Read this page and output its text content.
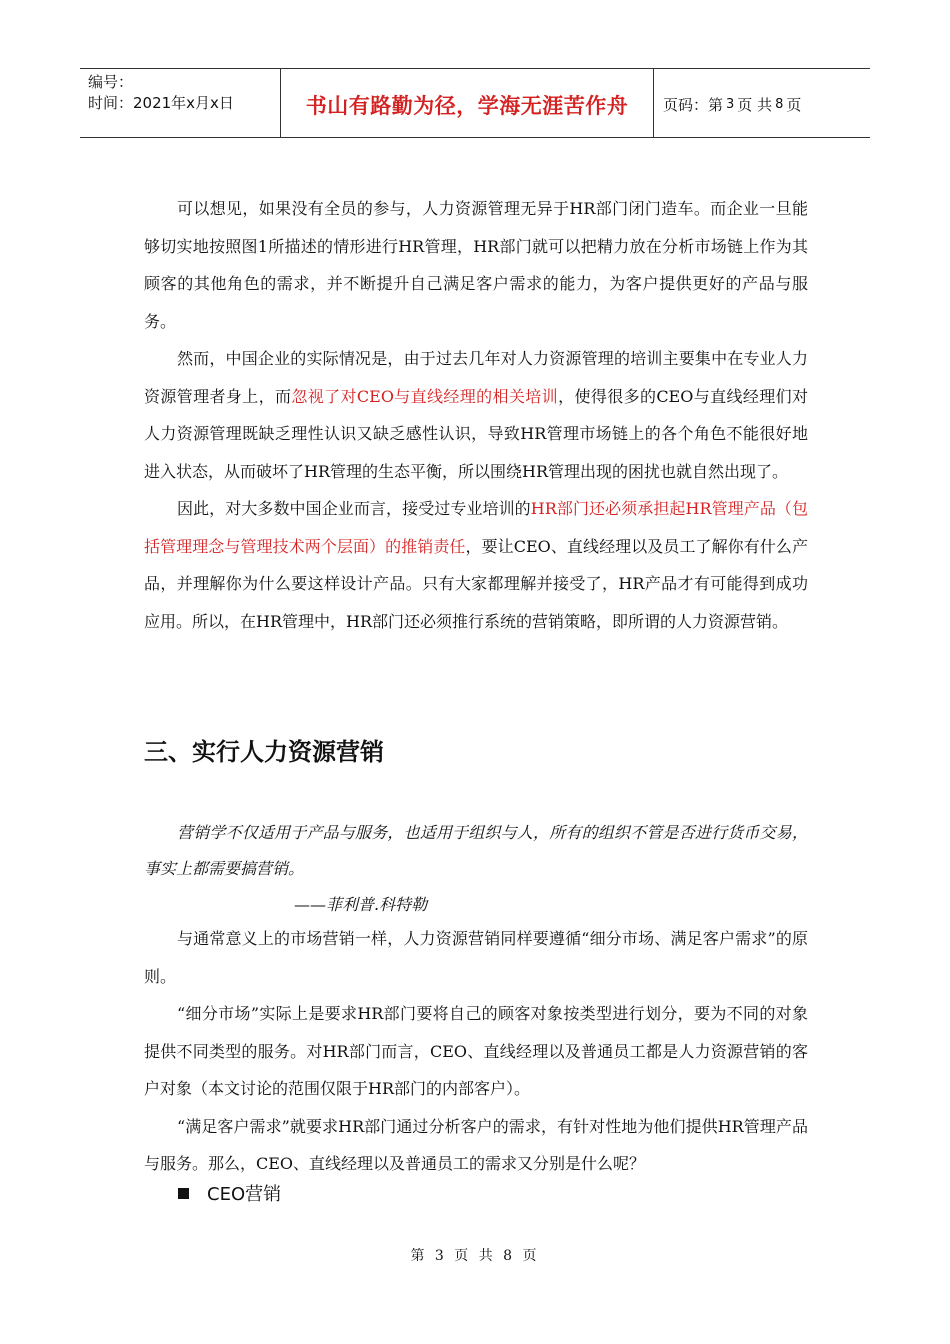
编号：
时间：2021年x月x日	书山有路勤为径，学海无涯苦作舟	页码：第 3 页 共 8 页

可以想见，如果没有全员的参与，人力资源管理无异于HR部门闭门造车。而企业一旦能够切实地按照图1所描述的情形进行HR管理，HR部门就可以把精力放在分析市场链上作为其顾客的其他角色的需求，并不断提升自己满足客户需求的能力，为客户提供更好的产品与服务。

然而，中国企业的实际情况是，由于过去几年对人力资源管理的培训主要集中在专业人力资源管理者身上，而忽视了对CEO与直线经理的相关培训，使得很多的CEO与直线经理们对人力资源管理既缺乏理性认识又缺乏感性认识，导致HR管理市场链上的各个角色不能很好地进入状态，从而破坏了HR管理的生态平衡，所以围绕HR管理出现的困扰也就自然出现了。

因此，对大多数中国企业而言，接受过专业培训的HR部门还必须承担起HR管理产品（包括管理理念与管理技术两个层面）的推销责任，要让CEO、直线经理以及员工了解你有什么产品，并理解你为什么要这样设计产品。只有大家都理解并接受了，HR产品才有可能得到成功应用。所以，在HR管理中，HR部门还必须推行系统的营销策略，即所谓的人力资源营销。

三、实行人力资源营销

营销学不仅适用于产品与服务，也适用于组织与人，所有的组织不管是否进行货币交易，事实上都需要搞营销。

——菲利普.科特勒

与通常意义上的市场营销一样，人力资源营销同样要遵循“细分市场、满足客户需求”的原则。

“细分市场”实际上是要求HR部门要将自己的顾客对象按类型进行划分，要为不同的对象提供不同类型的服务。对HR部门而言，CEO、直线经理以及普通员工都是人力资源营销的客户对象（本文讨论的范围仅限于HR部门的内部客户）。

“满足客户需求”就要求HR部门通过分析客户的需求，有针对性地为他们提供HR管理产品与服务。那么，CEO、直线经理以及普通员工的需求又分别是什么呢？

CEO营销
第 3 页 共 8 页
